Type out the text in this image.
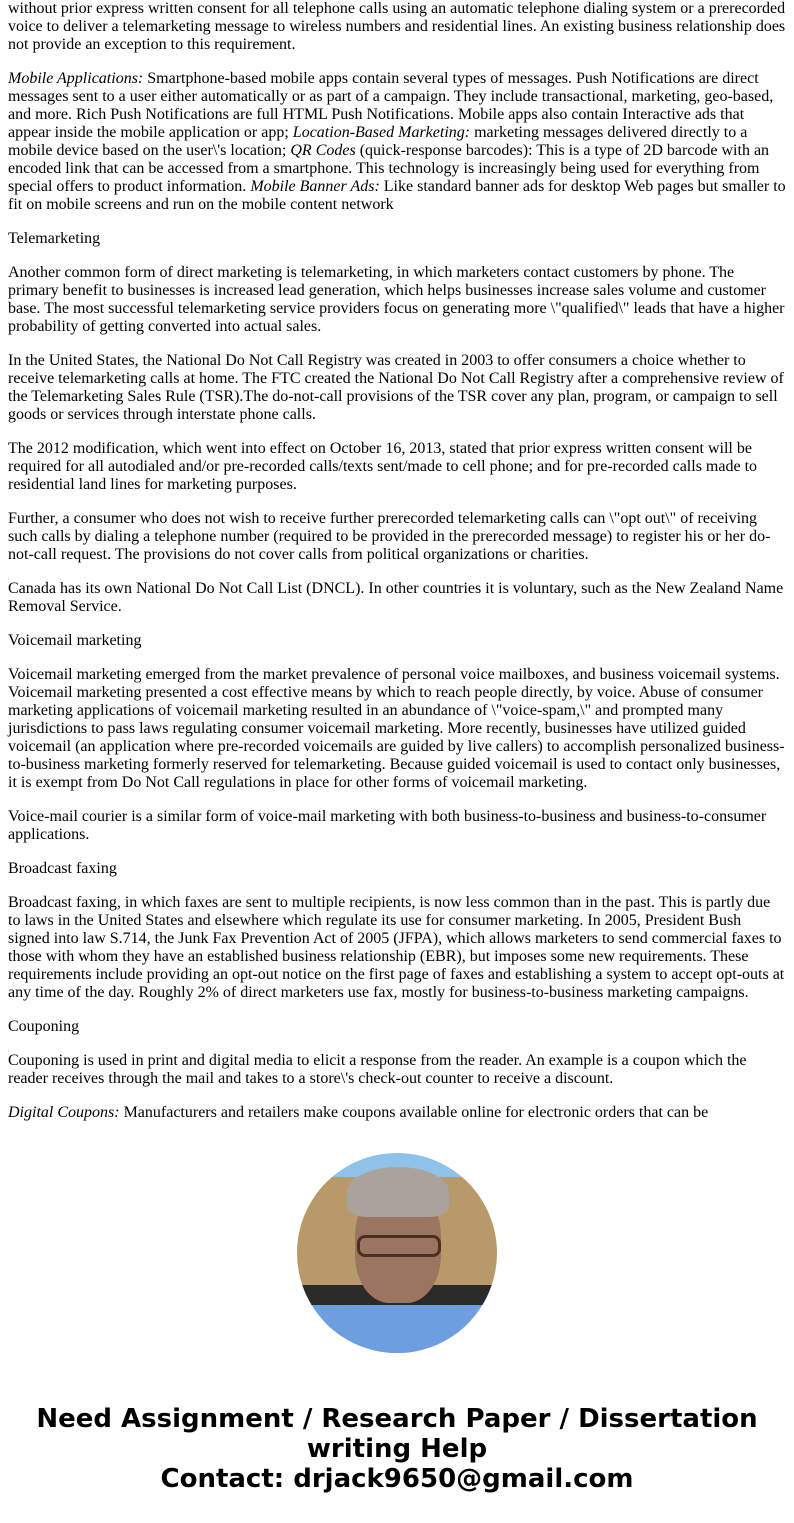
without prior express written consent for all telephone calls using an automatic telephone dialing system or a prerecorded voice to deliver a telemarketing message to wireless numbers and residential lines. An existing business relationship does not provide an exception to this requirement.

Mobile Applications: Smartphone-based mobile apps contain several types of messages. Push Notifications are direct messages sent to a user either automatically or as part of a campaign. They include transactional, marketing, geo-based, and more. Rich Push Notifications are full HTML Push Notifications. Mobile apps also contain Interactive ads that appear inside the mobile application or app; Location-Based Marketing: marketing messages delivered directly to a mobile device based on the user\'s location; QR Codes (quick-response barcodes): This is a type of 2D barcode with an encoded link that can be accessed from a smartphone. This technology is increasingly being used for everything from special offers to product information. Mobile Banner Ads: Like standard banner ads for desktop Web pages but smaller to fit on mobile screens and run on the mobile content network

Telemarketing

Another common form of direct marketing is telemarketing, in which marketers contact customers by phone. The primary benefit to businesses is increased lead generation, which helps businesses increase sales volume and customer base. The most successful telemarketing service providers focus on generating more \"qualified\" leads that have a higher probability of getting converted into actual sales.

In the United States, the National Do Not Call Registry was created in 2003 to offer consumers a choice whether to receive telemarketing calls at home. The FTC created the National Do Not Call Registry after a comprehensive review of the Telemarketing Sales Rule (TSR).The do-not-call provisions of the TSR cover any plan, program, or campaign to sell goods or services through interstate phone calls.

The 2012 modification, which went into effect on October 16, 2013, stated that prior express written consent will be required for all autodialed and/or pre-recorded calls/texts sent/made to cell phone; and for pre-recorded calls made to residential land lines for marketing purposes.

Further, a consumer who does not wish to receive further prerecorded telemarketing calls can \"opt out\" of receiving such calls by dialing a telephone number (required to be provided in the prerecorded message) to register his or her do-not-call request. The provisions do not cover calls from political organizations or charities.

Canada has its own National Do Not Call List (DNCL). In other countries it is voluntary, such as the New Zealand Name Removal Service.

Voicemail marketing

Voicemail marketing emerged from the market prevalence of personal voice mailboxes, and business voicemail systems. Voicemail marketing presented a cost effective means by which to reach people directly, by voice. Abuse of consumer marketing applications of voicemail marketing resulted in an abundance of \"voice-spam,\" and prompted many jurisdictions to pass laws regulating consumer voicemail marketing. More recently, businesses have utilized guided voicemail (an application where pre-recorded voicemails are guided by live callers) to accomplish personalized business-to-business marketing formerly reserved for telemarketing. Because guided voicemail is used to contact only businesses, it is exempt from Do Not Call regulations in place for other forms of voicemail marketing.

Voice-mail courier is a similar form of voice-mail marketing with both business-to-business and business-to-consumer applications.

Broadcast faxing

Broadcast faxing, in which faxes are sent to multiple recipients, is now less common than in the past. This is partly due to laws in the United States and elsewhere which regulate its use for consumer marketing. In 2005, President Bush signed into law S.714, the Junk Fax Prevention Act of 2005 (JFPA), which allows marketers to send commercial faxes to those with whom they have an established business relationship (EBR), but imposes some new requirements. These requirements include providing an opt-out notice on the first page of faxes and establishing a system to accept opt-outs at any time of the day. Roughly 2% of direct marketers use fax, mostly for business-to-business marketing campaigns.

Couponing

Couponing is used in print and digital media to elicit a response from the reader. An example is a coupon which the reader receives through the mail and takes to a store\'s check-out counter to receive a discount.

Digital Coupons: Manufacturers and retailers make coupons available online for electronic orders that can be

Need Assignment / Research Paper / Dissertation writing Help
Contact: drjack9650@gmail.com
